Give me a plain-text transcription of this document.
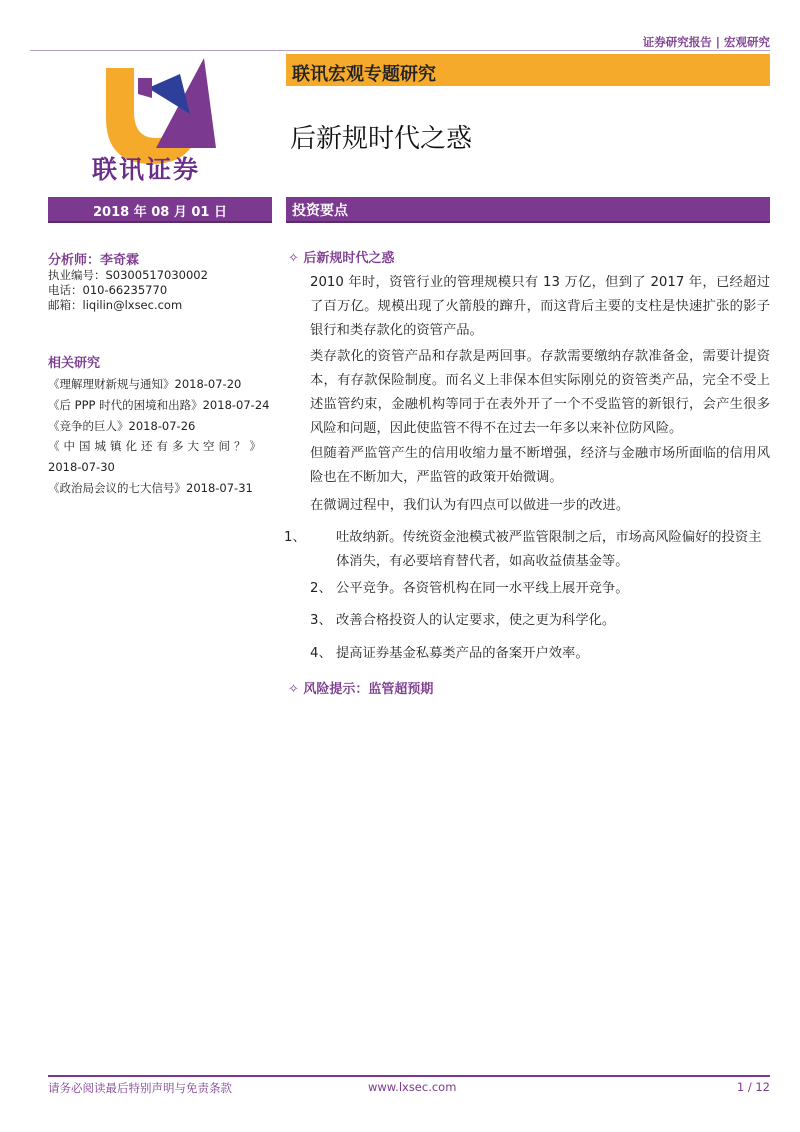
证券研究报告 | 宏观研究
联讯证券
联讯宏观专题研究
后新规时代之惑
2018 年 08 月 01 日	投资要点
分析师：李奇霖
执业编号：S0300517030002
电话：010-66235770
邮箱：liqilin@lxsec.com
相关研究
《理解理财新规与通知》2018-07-20
《后 PPP 时代的困境和出路》2018-07-24
《竞争的巨人》2018-07-26
《中国城镇化还有多大空间？》
2018-07-30
《政治局会议的七大信号》2018-07-31
✧ 后新规时代之惑
2010 年时，资管行业的管理规模只有 13 万亿，但到了 2017 年，已经超过了百万亿。规模出现了火箭般的蹿升，而这背后主要的支柱是快速扩张的影子银行和类存款化的资管产品。
类存款化的资管产品和存款是两回事。存款需要缴纳存款准备金，需要计提资本，有存款保险制度。而名义上非保本但实际刚兑的资管类产品，完全不受上述监管约束，金融机构等同于在表外开了一个不受监管的新银行，会产生很多风险和问题，因此使监管不得不在过去一年多以来补位防风险。
但随着严监管产生的信用收缩力量不断增强，经济与金融市场所面临的信用风险也在不断加大，严监管的政策开始微调。
在微调过程中，我们认为有四点可以做进一步的改进。
1、 吐故纳新。传统资金池模式被严监管限制之后，市场高风险偏好的投资主体消失，有必要培育替代者，如高收益债基金等。
2、 公平竞争。各资管机构在同一水平线上展开竞争。
3、 改善合格投资人的认定要求，使之更为科学化。
4、 提高证券基金私募类产品的备案开户效率。
✧ 风险提示：监管超预期
请务必阅读最后特别声明与免责条款	www.lxsec.com	1 / 12
